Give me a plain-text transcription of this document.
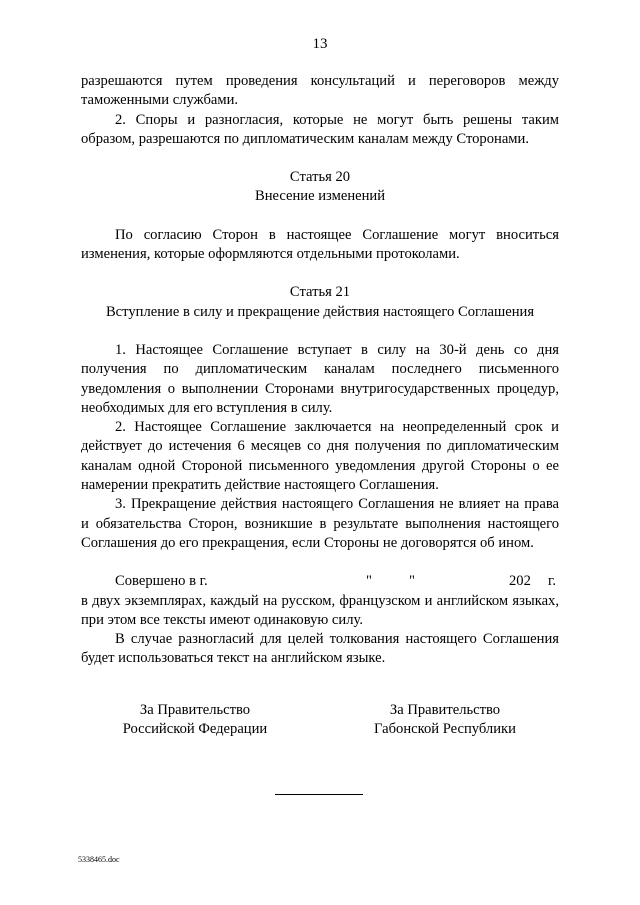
13

разрешаются путем проведения консультаций и переговоров между таможенными службами.

2. Споры и разногласия, которые не могут быть решены таким образом, разрешаются по дипломатическим каналам между Сторонами.

Статья 20

Внесение изменений

По согласию Сторон в настоящее Соглашение могут вноситься изменения, которые оформляются отдельными протоколами.

Статья 21

Вступление в силу и прекращение действия настоящего Соглашения

1. Настоящее Соглашение вступает в силу на 30-й день со дня получения по дипломатическим каналам последнего письменного уведомления о выполнении Сторонами внутригосударственных процедур, необходимых для его вступления в силу.

2. Настоящее Соглашение заключается на неопределенный срок и действует до истечения 6 месяцев со дня получения по дипломатическим каналам одной Стороной письменного уведомления другой Стороны о ее намерении прекратить действие настоящего Соглашения.

3. Прекращение действия настоящего Соглашения не влияет на права и обязательства Сторон, возникшие в результате выполнения настоящего Соглашения до его прекращения, если Стороны не договорятся об ином.

Совершено в г.	"	"	202 г.

в двух экземплярах, каждый на русском, французском и английском языках, при этом все тексты имеют одинаковую силу.

В случае разногласий для целей толкования настоящего Соглашения будет использоваться текст на английском языке.

За Правительство
Российской Федерации
За Правительство
Габонской Республики
5338465.doc
